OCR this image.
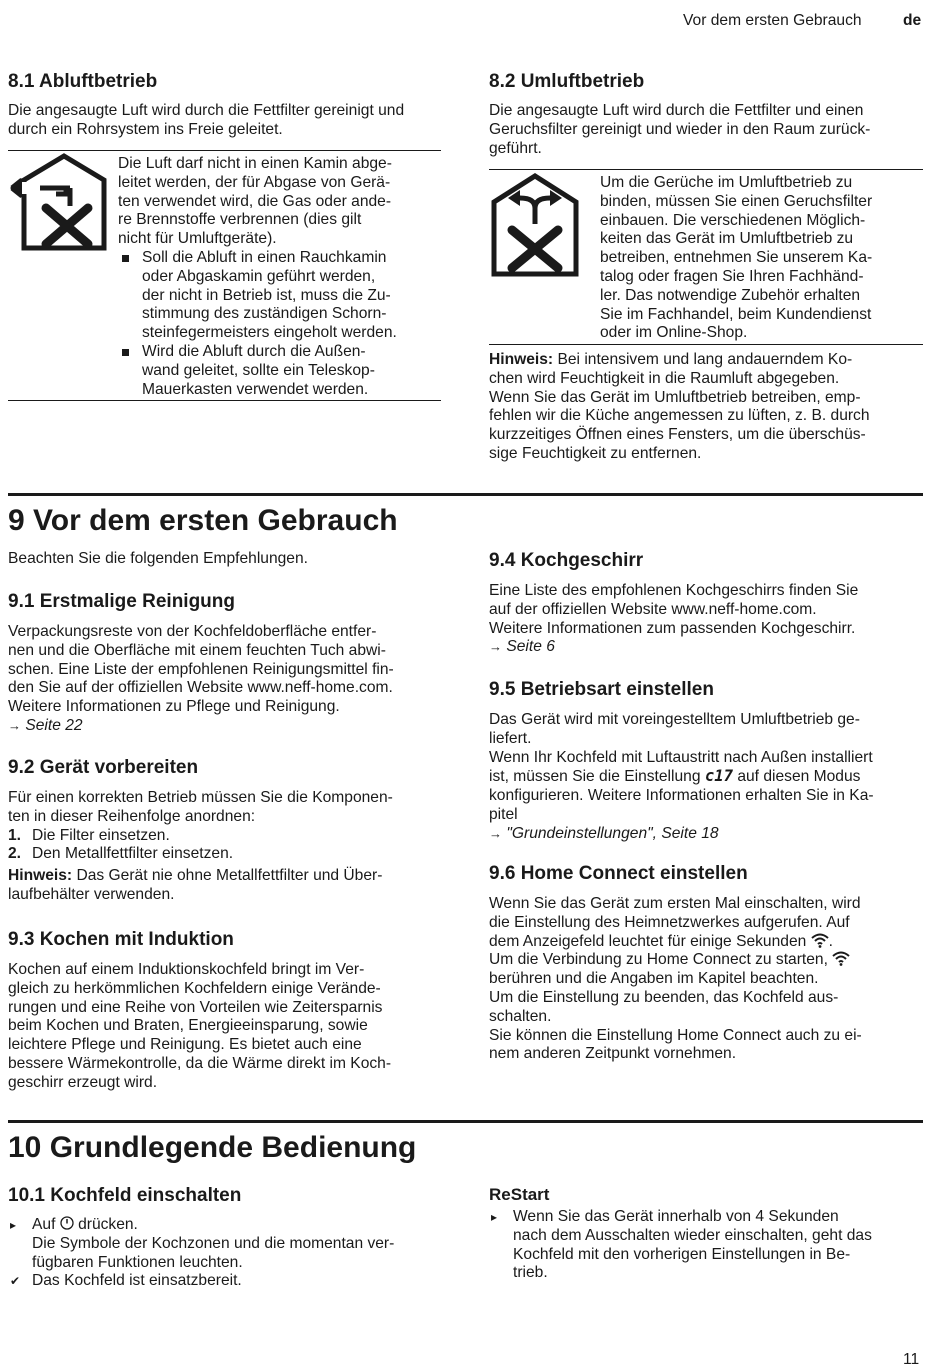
Vor dem ersten Gebrauch	de
8.1 Abluftbetrieb
Die angesaugte Luft wird durch die Fettfilter gereinigt und durch ein Rohrsystem ins Freie geleitet.
Die Luft darf nicht in einen Kamin abge-
leitet werden, der für Abgase von Gerä-
ten verwendet wird, die Gas oder ande-
re Brennstoffe verbrennen (dies gilt
nicht für Umluftgeräte).
Soll die Abluft in einen Rauchkamin
oder Abgaskamin geführt werden,
der nicht in Betrieb ist, muss die Zu-
stimmung des zuständigen Schorn-
steinfegermeisters eingeholt werden.
Wird die Abluft durch die Außen-
wand geleitet, sollte ein Teleskop-
Mauerkasten verwendet werden.
8.2 Umluftbetrieb
Die angesaugte Luft wird durch die Fettfilter und einen
Geruchsfilter gereinigt und wieder in den Raum zurück-
geführt.
Um die Gerüche im Umluftbetrieb zu
binden, müssen Sie einen Geruchsfilter
einbauen. Die verschiedenen Möglich-
keiten das Gerät im Umluftbetrieb zu
betreiben, entnehmen Sie unserem Ka-
talog oder fragen Sie Ihren Fachhänd-
ler. Das notwendige Zubehör erhalten
Sie im Fachhandel, beim Kundendienst
oder im Online-Shop.
Hinweis: Bei intensivem und lang andauerndem Ko-
chen wird Feuchtigkeit in die Raumluft abgegeben.
Wenn Sie das Gerät im Umluftbetrieb betreiben, emp-
fehlen wir die Küche angemessen zu lüften, z. B. durch
kurzzeitiges Öffnen eines Fensters, um die überschüs-
sige Feuchtigkeit zu entfernen.
9 Vor dem ersten Gebrauch
Beachten Sie die folgenden Empfehlungen.
9.1 Erstmalige Reinigung
Verpackungsreste von der Kochfeldoberfläche entfer-
nen und die Oberfläche mit einem feuchten Tuch abwi-
schen. Eine Liste der empfohlenen Reinigungsmittel fin-
den Sie auf der offiziellen Website www.neff-home.com.
Weitere Informationen zu Pflege und Reinigung.
→ Seite 22
9.2 Gerät vorbereiten
Für einen korrekten Betrieb müssen Sie die Komponen-
ten in dieser Reihenfolge anordnen:
1. Die Filter einsetzen.
2. Den Metallfettfilter einsetzen.
Hinweis: Das Gerät nie ohne Metallfettfilter und Über-
laufbehälter verwenden.
9.3 Kochen mit Induktion
Kochen auf einem Induktionskochfeld bringt im Ver-
gleich zu herkömmlichen Kochfeldern einige Verände-
rungen und eine Reihe von Vorteilen wie Zeitersparnis
beim Kochen und Braten, Energieeinsparung, sowie
leichtere Pflege und Reinigung. Es bietet auch eine
bessere Wärmekontrolle, da die Wärme direkt im Koch-
geschirr erzeugt wird.
9.4 Kochgeschirr
Eine Liste des empfohlenen Kochgeschirrs finden Sie
auf der offiziellen Website www.neff-home.com.
Weitere Informationen zum passenden Kochgeschirr.
→ Seite 6
9.5 Betriebsart einstellen
Das Gerät wird mit voreingestelltem Umluftbetrieb ge-
liefert.
Wenn Ihr Kochfeld mit Luftaustritt nach Außen installiert
ist, müssen Sie die Einstellung c17 auf diesen Modus
konfigurieren. Weitere Informationen erhalten Sie in Ka-
pitel
→ "Grundeinstellungen", Seite 18
9.6 Home Connect einstellen
Wenn Sie das Gerät zum ersten Mal einschalten, wird
die Einstellung des Heimnetzwerkes aufgerufen. Auf
dem Anzeigefeld leuchtet für einige Sekunden .
Um die Verbindung zu Home Connect zu starten,
berühren und die Angaben im Kapitel beachten.
Um die Einstellung zu beenden, das Kochfeld aus-
schalten.
Sie können die Einstellung Home Connect auch zu ei-
nem anderen Zeitpunkt vornehmen.
10 Grundlegende Bedienung
10.1 Kochfeld einschalten
▸ Auf  drücken.
Die Symbole der Kochzonen und die momentan ver-
fügbaren Funktionen leuchten.
✔ Das Kochfeld ist einsatzbereit.
ReStart
▸ Wenn Sie das Gerät innerhalb von 4 Sekunden
nach dem Ausschalten wieder einschalten, geht das
Kochfeld mit den vorherigen Einstellungen in Be-
trieb.
11
